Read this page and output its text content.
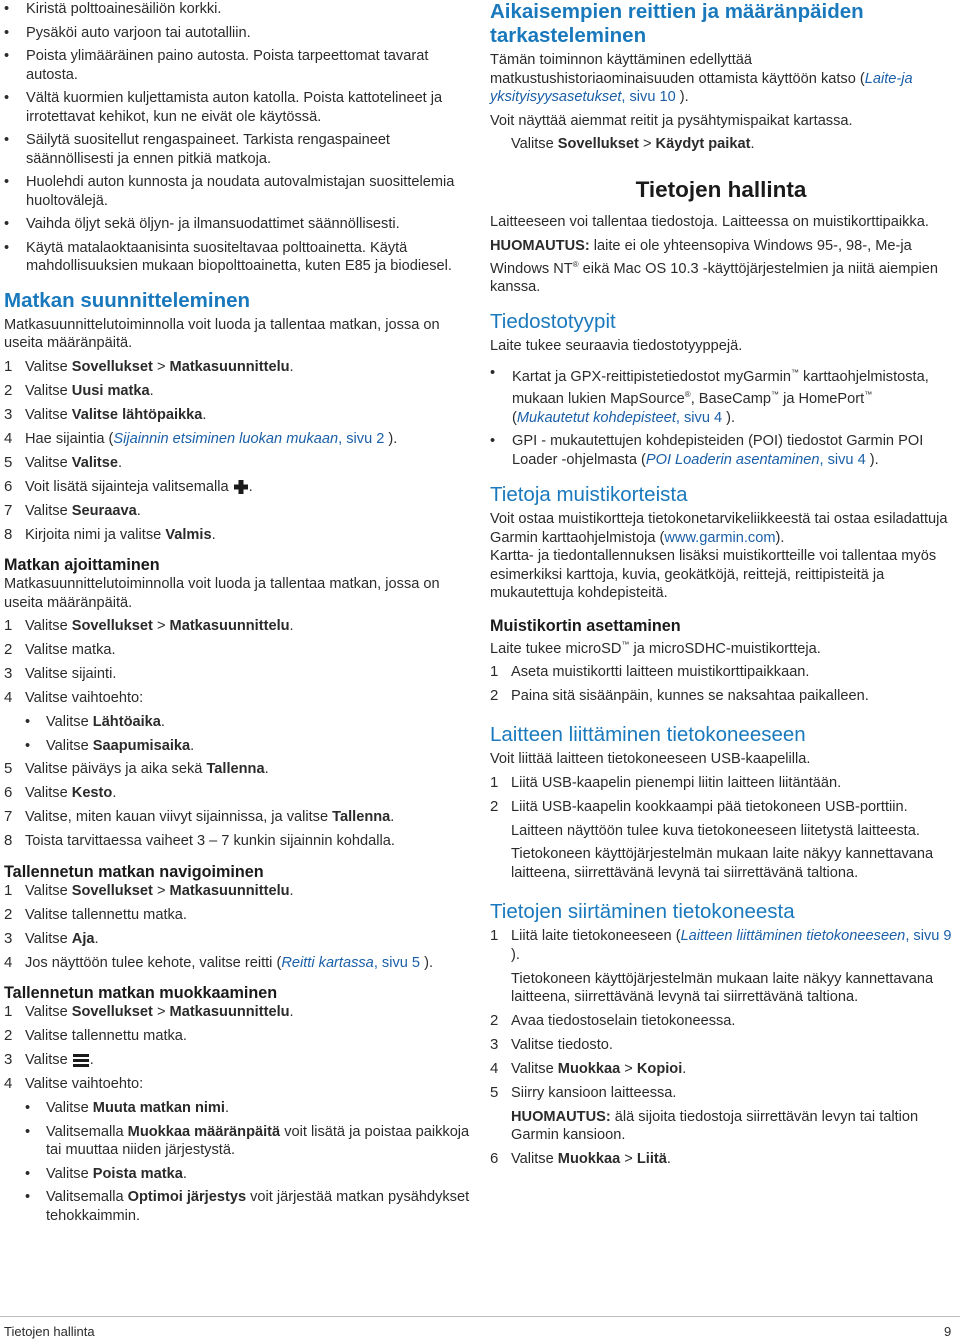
• Kiristä polttoainesäiliön korkki.

• Pysäköi auto varjoon tai autotalliin.

• Poista ylimääräinen paino autosta. Poista tarpeettomat tavarat autosta.

• Vältä kuormien kuljettamista auton katolla. Poista kattotelineet ja irrotettavat kehikot, kun ne eivät ole käytössä.

• Säilytä suositellut rengaspaineet. Tarkista rengaspaineet säännöllisesti ja ennen pitkiä matkoja.

• Huolehdi auton kunnosta ja noudata autovalmistajan suosittelemia huoltovälejä.

• Vaihda öljyt sekä öljyn- ja ilmansuodattimet säännöllisesti.

• Käytä matalaoktaanisinta suositeltavaa polttoainetta. Käytä mahdollisuuksien mukaan biopolttoainetta, kuten E85 ja biodiesel.

Matkan suunnitteleminen

Matkasuunnittelutoiminnolla voit luoda ja tallentaa matkan, jossa on useita määränpäitä.

1 Valitse Sovellukset > Matkasuunnittelu.
2 Valitse Uusi matka.
3 Valitse Valitse lähtöpaikka.
4 Hae sijaintia (Sijainnin etsiminen luokan mukaan, sivu 2 ).
5 Valitse Valitse.
6 Voit lisätä sijainteja valitsemalla .
7 Valitse Seuraava.
8 Kirjoita nimi ja valitse Valmis.
Matkan ajoittaminen

Matkasuunnittelutoiminnolla voit luoda ja tallentaa matkan, jossa on useita määränpäitä.

1 Valitse Sovellukset > Matkasuunnittelu.
2 Valitse matka.
3 Valitse sijainti.
4 Valitse vaihtoehto:

• Valitse Lähtöaika.

• Valitse Saapumisaika.

5 Valitse päiväys ja aika sekä Tallenna.
6 Valitse Kesto.
7 Valitse, miten kauan viivyt sijainnissa, ja valitse Tallenna.
8 Toista tarvittaessa vaiheet 3 – 7 kunkin sijainnin kohdalla.
Tallennetun matkan navigoiminen
1 Valitse Sovellukset > Matkasuunnittelu.
2 Valitse tallennettu matka.
3 Valitse Aja.
4 Jos näyttöön tulee kehote, valitse reitti (Reitti kartassa, sivu 5 ).
Tallennetun matkan muokkaaminen
1 Valitse Sovellukset > Matkasuunnittelu.
2 Valitse tallennettu matka.
3 Valitse .
4 Valitse vaihtoehto:

• Valitse Muuta matkan nimi.

• Valitsemalla Muokkaa määränpäitä voit lisätä ja poistaa paikkoja tai muuttaa niiden järjestystä.

• Valitse Poista matka.

• Valitsemalla Optimoi järjestys voit järjestää matkan pysähdykset tehokkaimmin.

Aikaisempien reittien ja määränpäiden tarkasteleminen

Tämän toiminnon käyttäminen edellyttää matkustushistoriaominaisuuden ottamista käyttöön katso (Laite-ja yksityisyysasetukset, sivu 10 ).

Voit näyttää aiemmat reitit ja pysähtymispaikat kartassa.

Valitse Sovellukset > Käydyt paikat.

Tietojen hallinta

Laitteeseen voi tallentaa tiedostoja. Laitteessa on muistikorttipaikka.

HUOMAUTUS: laite ei ole yhteensopiva Windows 95-, 98-, Me-ja Windows NT® eikä Mac OS 10.3 -käyttöjärjestelmien ja niitä aiempien kanssa.

Tiedostotyypit

Laite tukee seuraavia tiedostotyyppejä.

• Kartat ja GPX-reittipistetiedostot myGarmin™ karttaohjelmistosta, mukaan lukien MapSource®, BaseCamp™ ja HomePort™ (Mukautetut kohdepisteet, sivu 4 ).

• GPI - mukautettujen kohdepisteiden (POI) tiedostot Garmin POI Loader -ohjelmasta (POI Loaderin asentaminen, sivu 4 ).

Tietoja muistikorteista

Voit ostaa muistikortteja tietokonetarvikeliikkeestä tai ostaa esiladattuja Garmin karttaohjelmistoja (www.garmin.com).

Kartta- ja tiedontallennuksen lisäksi muistikortteille voi tallentaa myös esimerkiksi karttoja, kuvia, geokätköjä, reittejä, reittipisteitä ja mukautettuja kohdepisteitä.

Muistikortin asettaminen

Laite tukee microSD™ ja microSDHC-muistikortteja.

1 Aseta muistikortti laitteen muistikorttipaikkaan.
2 Paina sitä sisäänpäin, kunnes se naksahtaa paikalleen.
Laitteen liittäminen tietokoneeseen

Voit liittää laitteen tietokoneeseen USB-kaapelilla.

1 Liitä USB-kaapelin pienempi liitin laitteen liitäntään.
2 Liitä USB-kaapelin kookkaampi pää tietokoneen USB-porttiin.

Laitteen näyttöön tulee kuva tietokoneeseen liitetystä laitteesta.

Tietokoneen käyttöjärjestelmän mukaan laite näkyy kannettavana laitteena, siirrettävänä levynä tai siirrettävänä taltiona.

Tietojen siirtäminen tietokoneesta
1 Liitä laite tietokoneeseen (Laitteen liittäminen tietokoneeseen, sivu 9 ).

Tietokoneen käyttöjärjestelmän mukaan laite näkyy kannettavana laitteena, siirrettävänä levynä tai siirrettävänä taltiona.

2 Avaa tiedostoselain tietokoneessa.
3 Valitse tiedosto.
4 Valitse Muokkaa > Kopioi.
5 Siirry kansioon laitteessa.

HUOMAUTUS: älä sijoita tiedostoja siirrettävän levyn tai taltion Garmin kansioon.

6 Valitse Muokkaa > Liitä.
Tietojen hallinta	9
